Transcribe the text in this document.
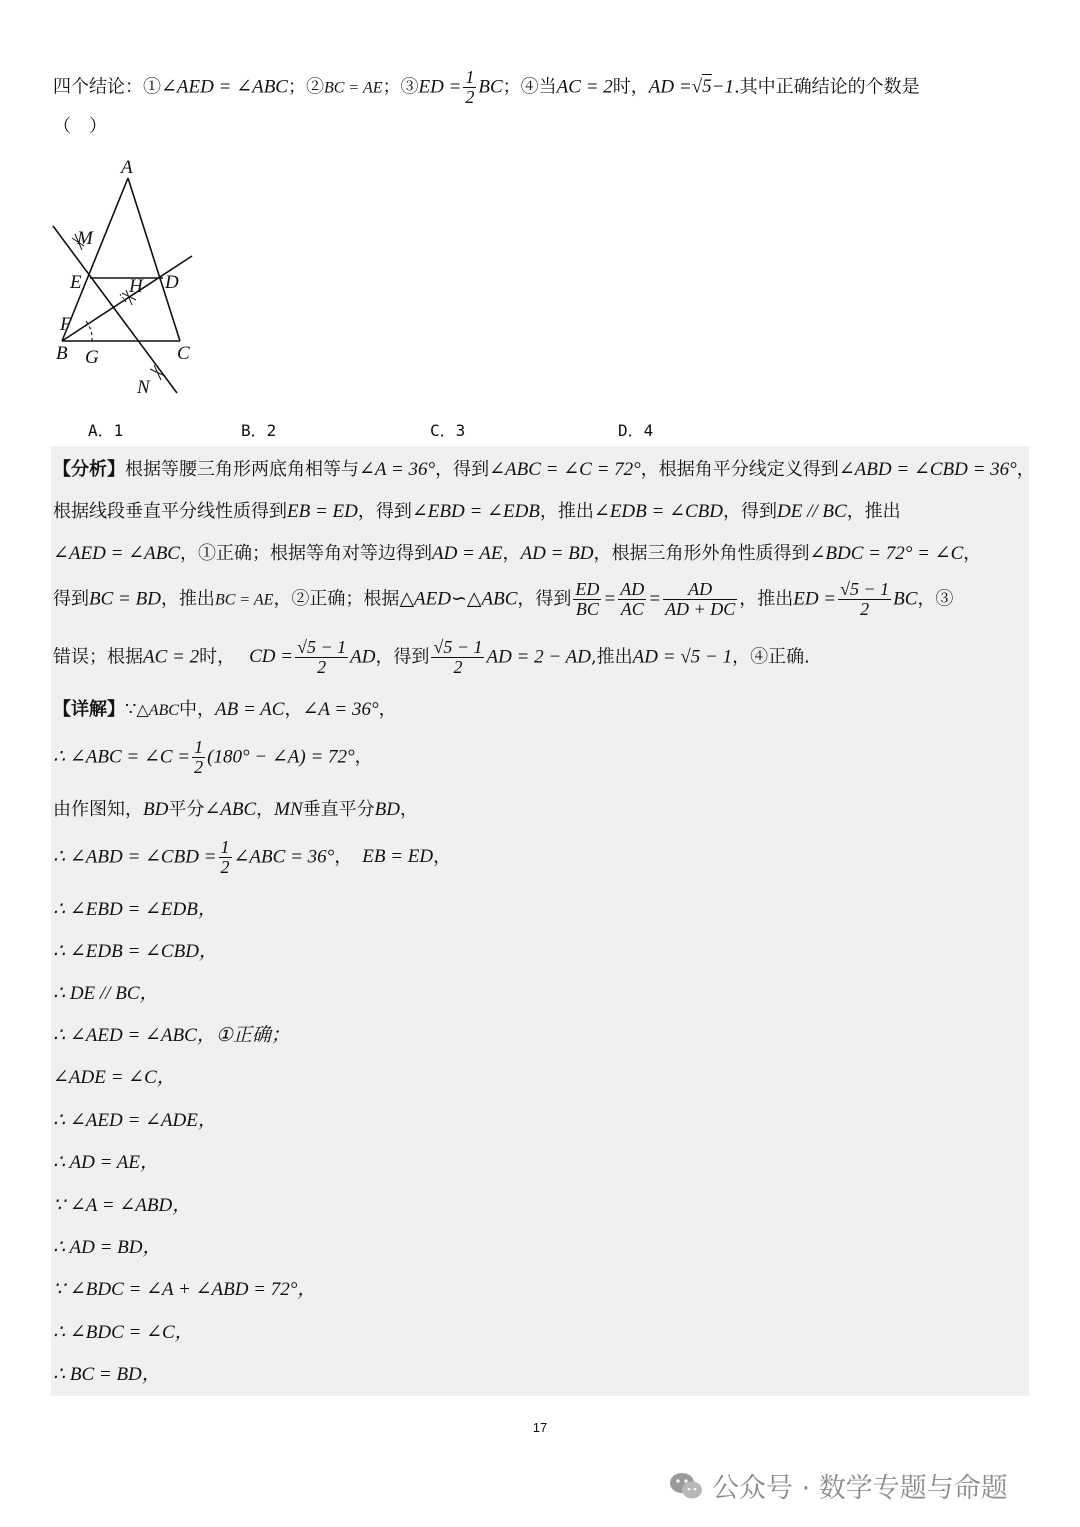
四个结论：①∠AED = ∠ABC；②BC = AE；③ED = $\frac{1}{2}$ BC；④当AC = 2时，AD =√5−1.其中正确结论的个数是
（　）
A
M
E H D
F
B G	C
N
A．1	B．2	C．3	D．4
【分析】根据等腰三角形两底角相等与∠A = 36°，得到∠ABC = ∠C = 72°，根据角平分线定义得到∠ABD = ∠CBD = 36°，
根据线段垂直平分线性质得到EB = ED，得到∠EBD = ∠EDB，推出∠EDB = ∠CBD，得到DE // BC，推出
∠AED = ∠ABC，①正确；根据等角对等边得到AD = AE，AD = BD，根据三角形外角性质得到∠BDC = 72° = ∠C，
得到BC = BD，推出BC = AE，②正确；根据△AED∽△ABC，得到 $\frac{ED}{BC} = \frac{AD}{AC} = \frac{AD}{AD + DC}$ ，推出ED = $\frac{√5 - 1}{2}$ BC，③
错误；根据AC = 2时， CD = $\frac{√5 - 1}{2}$ AD，得到 $\frac{√5 - 1}{2}$ AD = 2 − AD,推出AD = √5 − 1，④正确.
【详解】∵△ABC中，AB = AC，∠A = 36°，
∴ ∠ABC = ∠C = $\frac{1}{2} (180^\circ$ − ∠A) = 72°，
由作图知，BD平分∠ABC，MN垂直平分BD，
∴ ∠ABD = ∠CBD = $\frac{1}{2}$ ∠ABC = 36°， EB = ED，
∴ ∠EBD = ∠EDB，
∴ ∠EDB = ∠CBD，
∴ DE // BC，
∴ ∠AED = ∠ABC，①正确；
∠ADE = ∠C，
∴ ∠AED = ∠ADE，
∴ AD = AE，
∵ ∠A = ∠ABD，
∴ AD = BD，
∵ ∠BDC = ∠A + ∠ABD = 72°，
∴ ∠BDC = ∠C，
∴ BC = BD，
17
公众号 · 数学专题与命题
